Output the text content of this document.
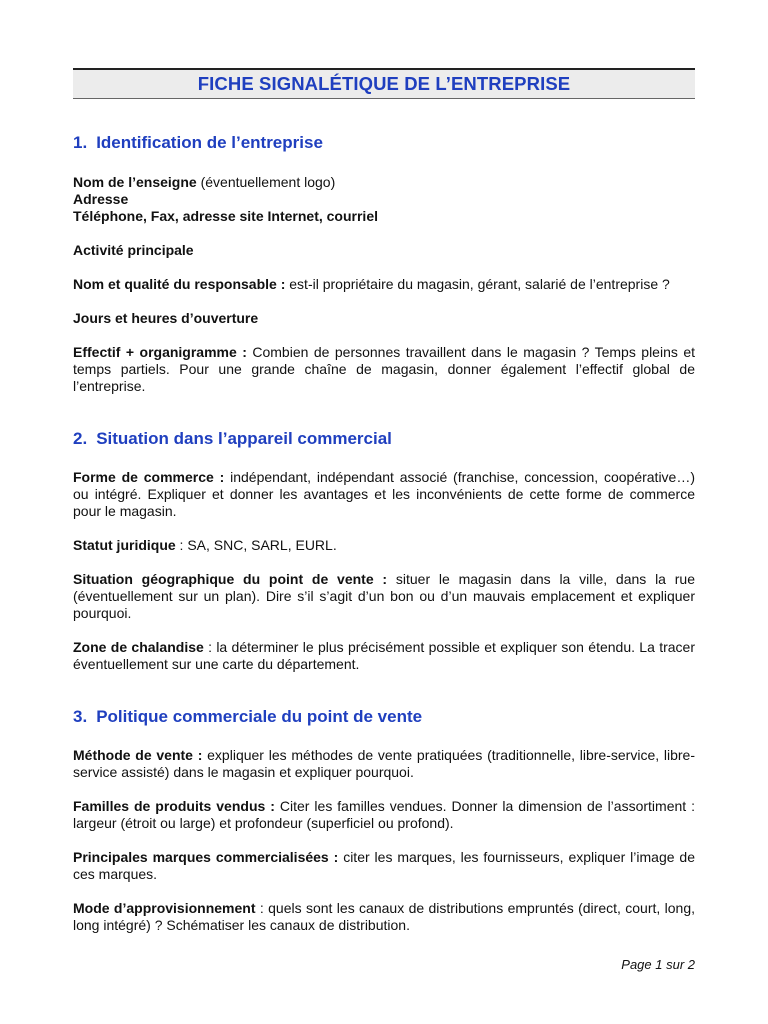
FICHE SIGNALÉTIQUE DE L’ENTREPRISE
1. Identification de l’entreprise

Nom de l’enseigne (éventuellement logo)
Adresse
Téléphone, Fax, adresse site Internet, courriel

Activité principale

Nom et qualité du responsable : est-il propriétaire du magasin, gérant, salarié de l’entreprise ?

Jours et heures d’ouverture

Effectif + organigramme : Combien de personnes travaillent dans le magasin ? Temps pleins et temps partiels. Pour une grande chaîne de magasin, donner également l’effectif global de l’entreprise.

2. Situation dans l’appareil commercial

Forme de commerce : indépendant, indépendant associé (franchise, concession, coopérative…) ou intégré. Expliquer et donner les avantages et les inconvénients de cette forme de commerce pour le magasin.

Statut juridique : SA, SNC, SARL, EURL.

Situation géographique du point de vente : situer le magasin dans la ville, dans la rue (éventuellement sur un plan). Dire s’il s’agit d’un bon ou d’un mauvais emplacement et expliquer pourquoi.

Zone de chalandise : la déterminer le plus précisément possible et expliquer son étendu. La tracer éventuellement sur une carte du département.

3. Politique commerciale du point de vente

Méthode de vente : expliquer les méthodes de vente pratiquées (traditionnelle, libre-service, libre-service assisté) dans le magasin et expliquer pourquoi.

Familles de produits vendus : Citer les familles vendues. Donner la dimension de l’assortiment : largeur (étroit ou large) et profondeur (superficiel ou profond).

Principales marques commercialisées : citer les marques, les fournisseurs, expliquer l’image de ces marques.

Mode d’approvisionnement : quels sont les canaux de distributions empruntés (direct, court, long, long intégré) ? Schématiser les canaux de distribution.

Page 1 sur 2
